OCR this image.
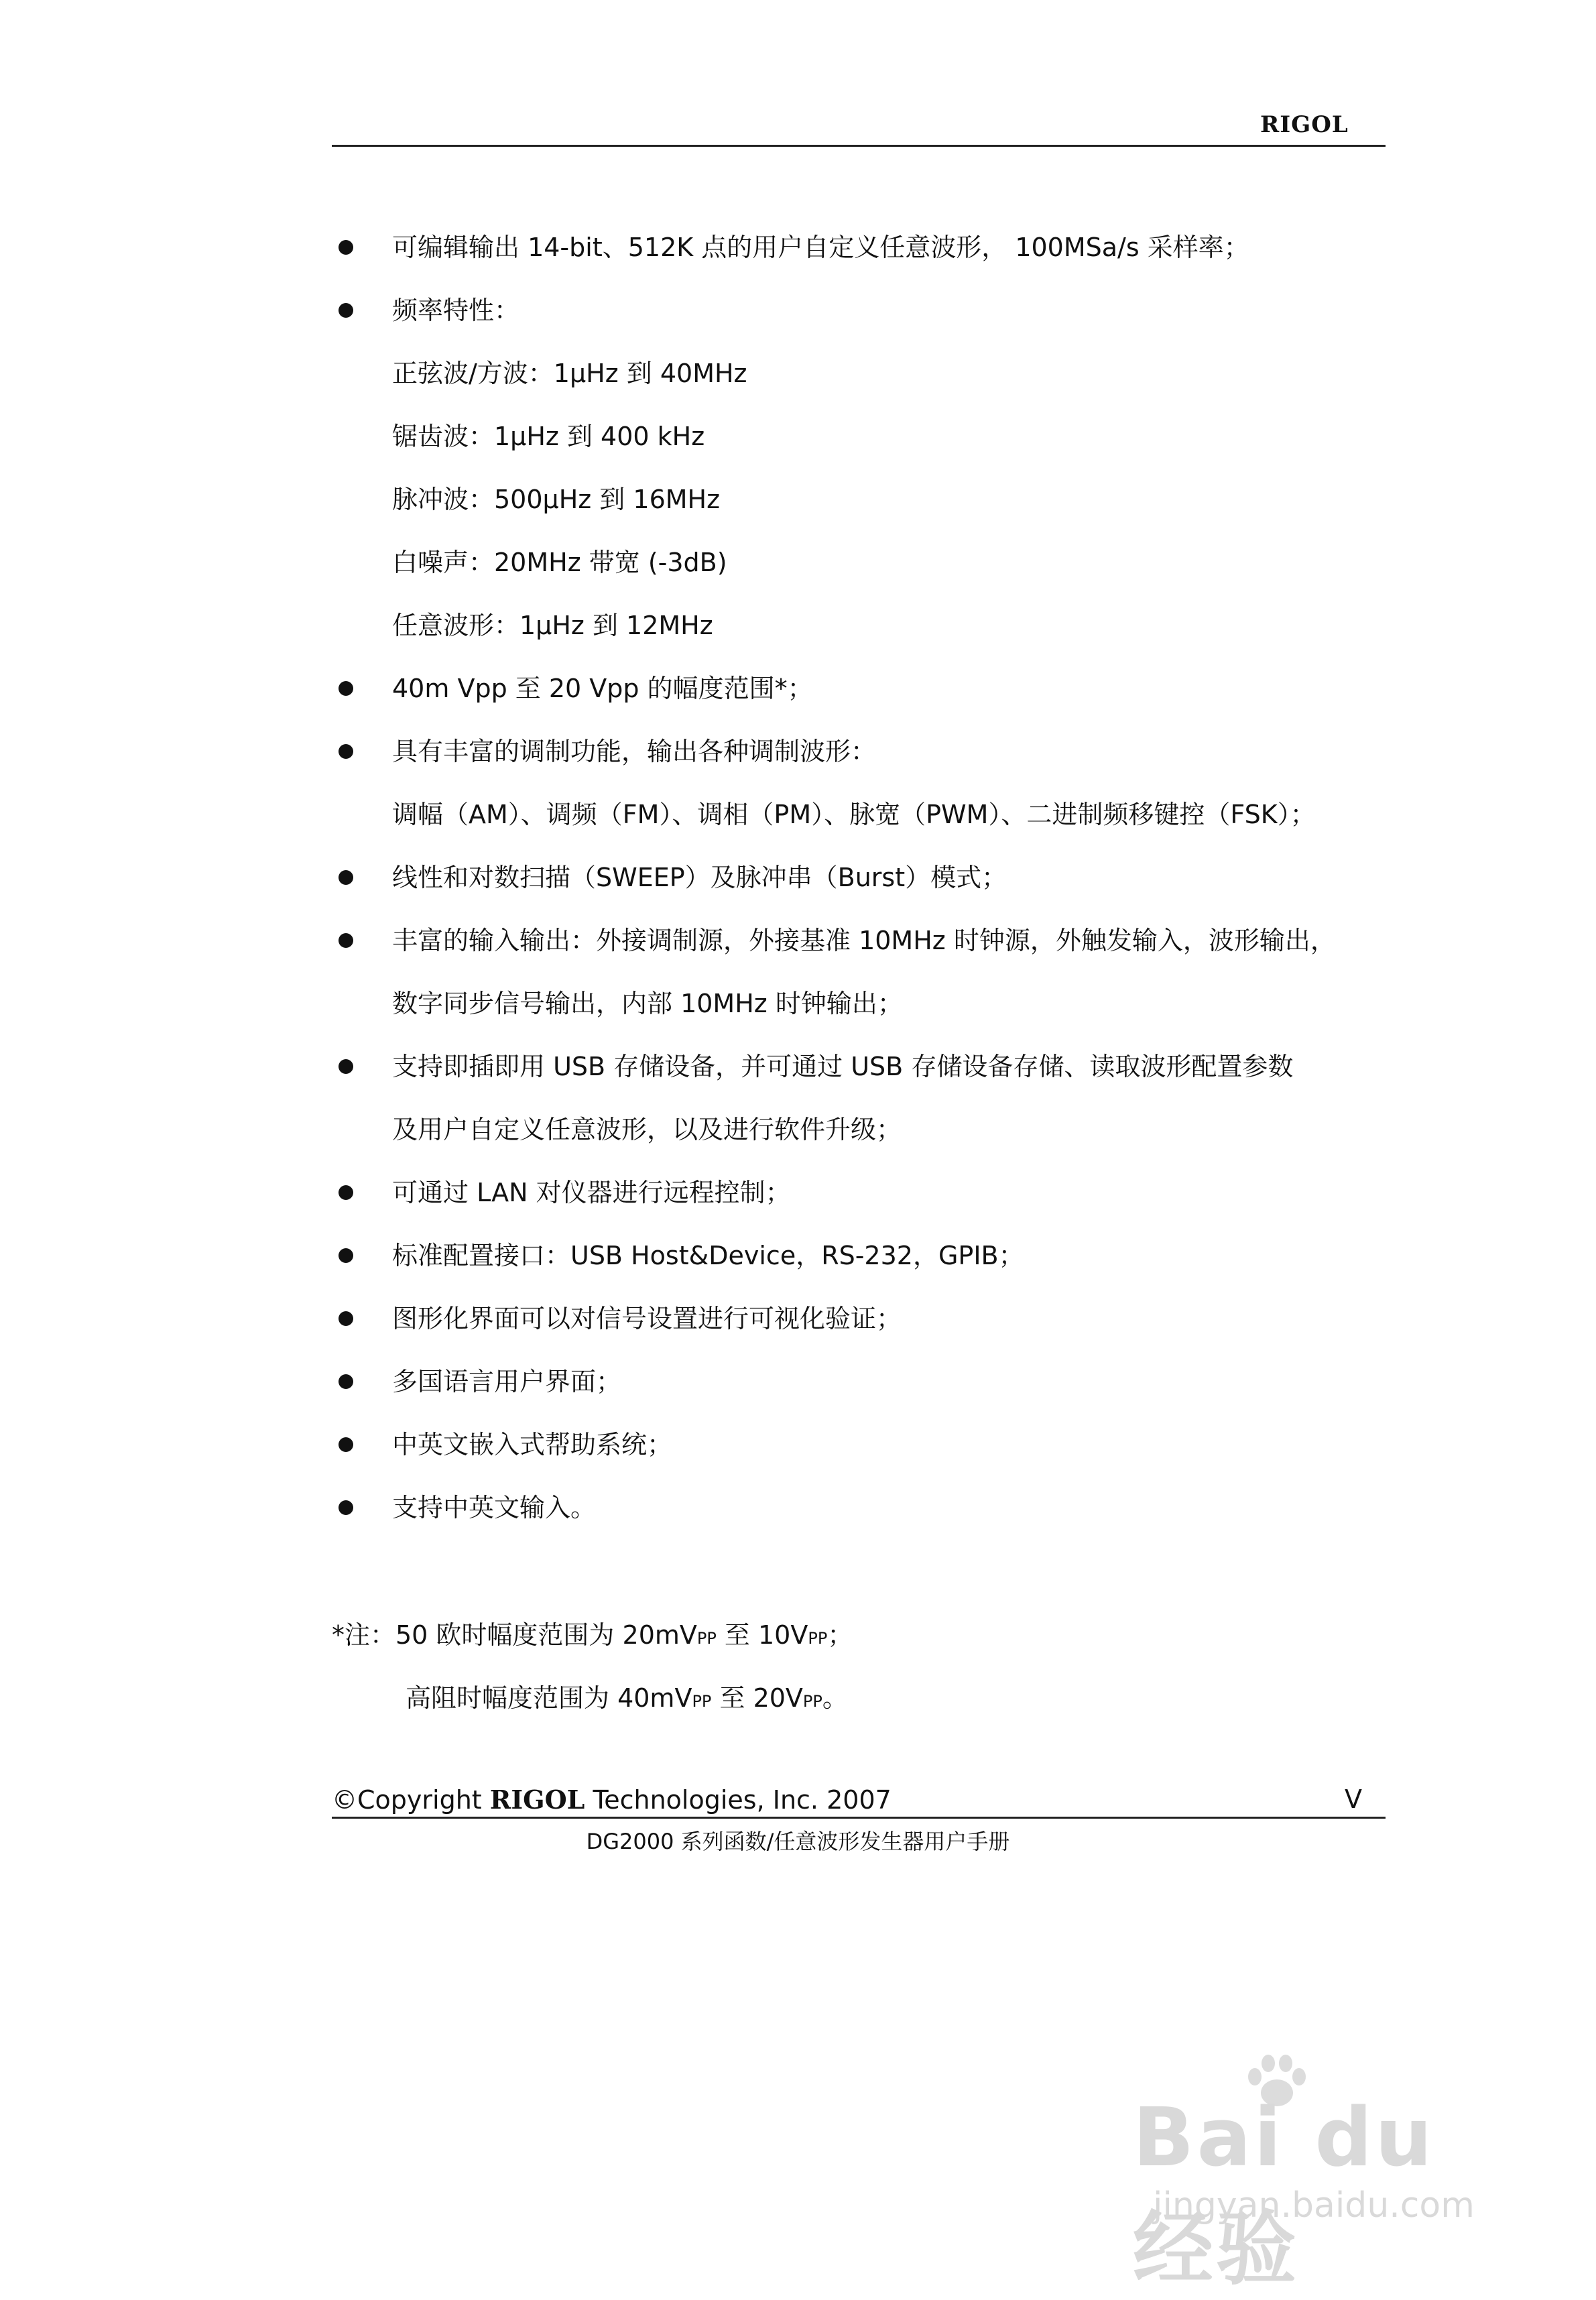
RIGOL
可编辑输出 14-bit、512K 点的用户自定义任意波形， 100MSa/s 采样率；
频率特性：
正弦波/方波：1μHz 到 40MHz
锯齿波：1μHz 到 400 kHz
脉冲波：500μHz 到 16MHz
白噪声：20MHz 带宽 (-3dB)
任意波形：1μHz 到 12MHz
40m Vpp 至 20 Vpp 的幅度范围*；
具有丰富的调制功能，输出各种调制波形：
调幅（AM）、调频（FM）、调相（PM）、脉宽（PWM）、二进制频移键控（FSK）；
线性和对数扫描（SWEEP）及脉冲串（Burst）模式；
丰富的输入输出：外接调制源，外接基准 10MHz 时钟源，外触发输入，波形输出，
数字同步信号输出，内部 10MHz 时钟输出；
支持即插即用 USB 存储设备，并可通过 USB 存储设备存储、读取波形配置参数
及用户自定义任意波形，以及进行软件升级；
可通过 LAN 对仪器进行远程控制；
标准配置接口：USB Host&Device，RS-232，GPIB；
图形化界面可以对信号设置进行可视化验证；
多国语言用户界面；
中英文嵌入式帮助系统；
支持中英文输入。
*注：50 欧时幅度范围为 20mVPP 至 10VPP；
高阻时幅度范围为 40mVPP 至 20VPP。
©Copyright RIGOL Technologies, Inc. 2007	V
DG2000 系列函数/任意波形发生器用户手册
Bai du 经验
jingyan.baidu.com
